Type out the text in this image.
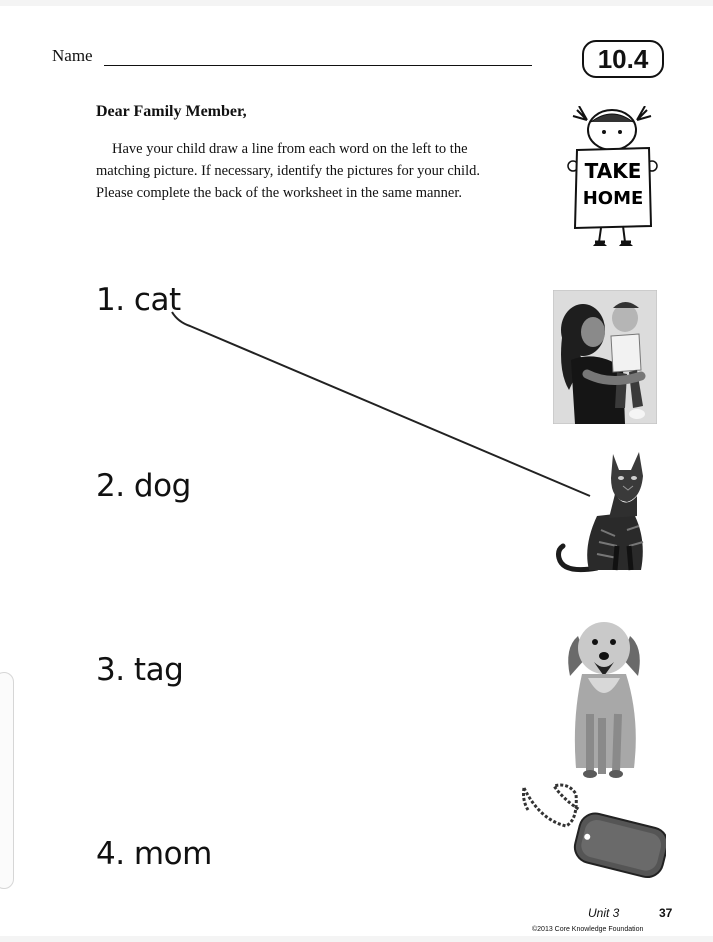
Name	10.4
Dear Family Member,

Have your child draw a line from each word on the left to the
matching picture. If necessary, identify the pictures for your child.
Please complete the back of the worksheet in the same manner.

TAKE
HOME
1. cat
2. dog
3. tag
4. mom
Unit 3	37
©2013 Core Knowledge Foundation
